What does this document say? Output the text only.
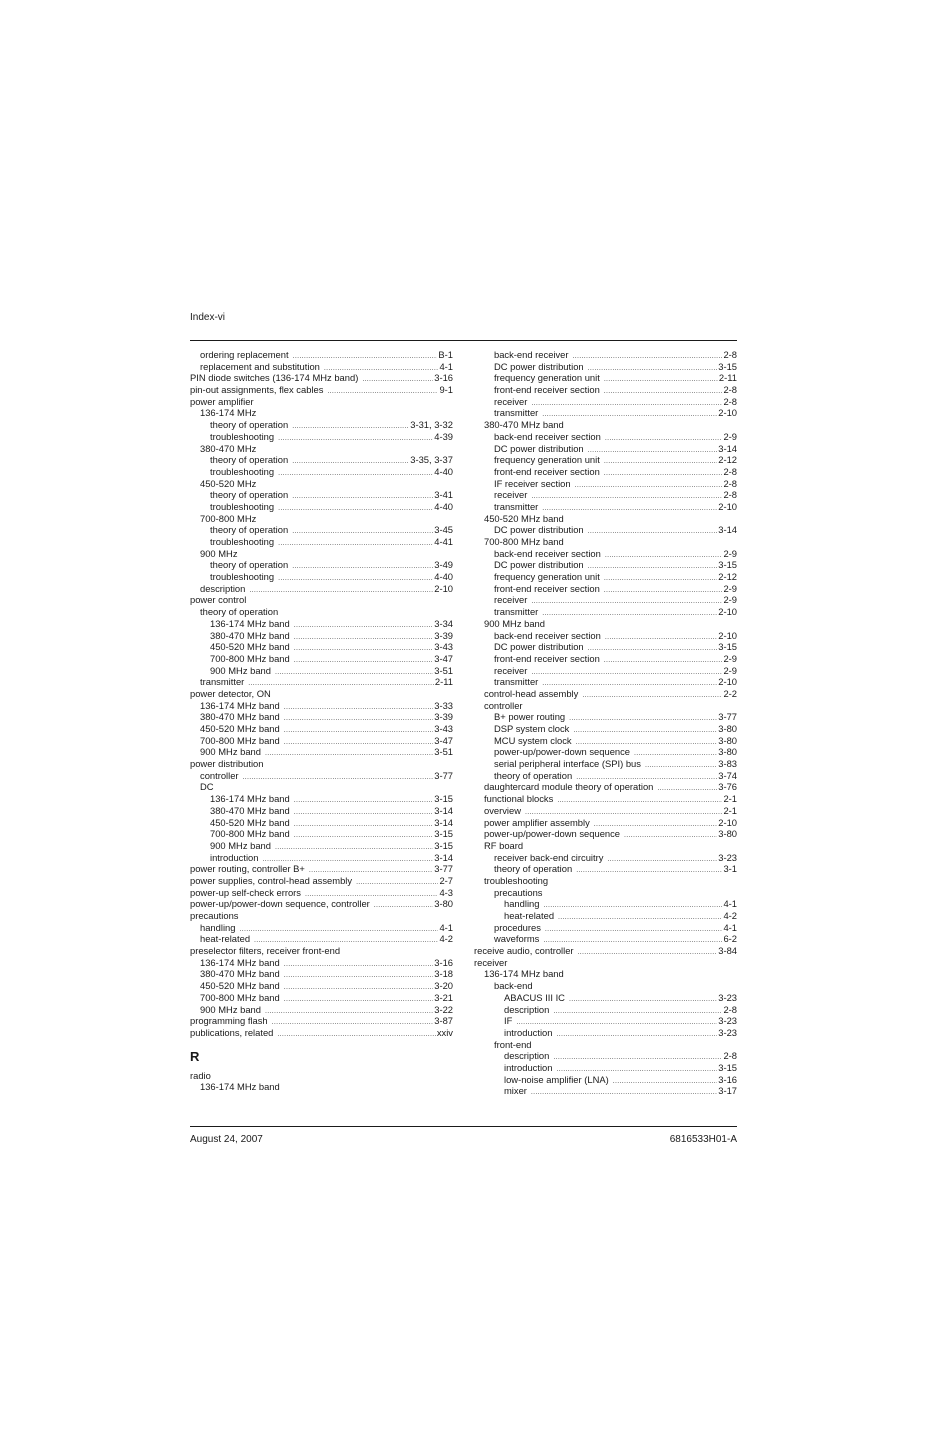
Index-vi
ordering replacement .....	B-1
replacement and substitution .....	4-1
PIN diode switches (136-174 MHz band) .....	3-16
pin-out assignments, flex cables .....	9-1
power amplifier
136-174 MHz
theory of operation .....	3-31, 3-32
troubleshooting .....	4-39
380-470 MHz
theory of operation .....	3-35, 3-37
troubleshooting .....	4-40
450-520 MHz
theory of operation .....	3-41
troubleshooting .....	4-40
700-800 MHz
theory of operation .....	3-45
troubleshooting .....	4-41
900 MHz
theory of operation .....	3-49
troubleshooting .....	4-40
description .....	2-10
power control
theory of operation
136-174 MHz band .....	3-34
380-470 MHz band .....	3-39
450-520 MHz band .....	3-43
700-800 MHz band .....	3-47
900 MHz band .....	3-51
transmitter .....	2-11
power detector, ON
136-174 MHz band .....	3-33
380-470 MHz band .....	3-39
450-520 MHz band .....	3-43
700-800 MHz band .....	3-47
900 MHz band .....	3-51
power distribution
controller .....	3-77
DC
136-174 MHz band .....	3-15
380-470 MHz band .....	3-14
450-520 MHz band .....	3-14
700-800 MHz band .....	3-15
900 MHz band .....	3-15
introduction .....	3-14
power routing, controller B+ .....	3-77
power supplies, control-head assembly .....	2-7
power-up self-check errors .....	4-3
power-up/power-down sequence, controller .....	3-80
precautions
handling .....	4-1
heat-related .....	4-2
preselector filters, receiver front-end
136-174 MHz band .....	3-16
380-470 MHz band .....	3-18
450-520 MHz band .....	3-20
700-800 MHz band .....	3-21
900 MHz band .....	3-22
programming flash .....	3-87
publications, related .....	xxiv
R
radio
136-174 MHz band
back-end receiver .....	2-8
DC power distribution .....	3-15
frequency generation unit .....	2-11
front-end receiver section .....	2-8
receiver .....	2-8
transmitter .....	2-10
380-470 MHz band
back-end receiver section .....	2-9
DC power distribution .....	3-14
frequency generation unit .....	2-12
front-end receiver section .....	2-8
IF receiver section .....	2-8
receiver .....	2-8
transmitter .....	2-10
450-520 MHz band
DC power distribution .....	3-14
700-800 MHz band
back-end receiver section .....	2-9
DC power distribution .....	3-15
frequency generation unit .....	2-12
front-end receiver section .....	2-9
receiver .....	2-9
transmitter .....	2-10
900 MHz band
back-end receiver section .....	2-10
DC power distribution .....	3-15
front-end receiver section .....	2-9
receiver .....	2-9
transmitter .....	2-10
control-head assembly .....	2-2
controller
B+ power routing .....	3-77
DSP system clock .....	3-80
MCU system clock .....	3-80
power-up/power-down sequence .....	3-80
serial peripheral interface (SPI) bus .....	3-83
theory of operation .....	3-74
daughtercard module theory of operation .....	3-76
functional blocks .....	2-1
overview .....	2-1
power amplifier assembly .....	2-10
power-up/power-down sequence .....	3-80
RF board
receiver back-end circuitry .....	3-23
theory of operation .....	3-1
troubleshooting
precautions
handling .....	4-1
heat-related .....	4-2
procedures .....	4-1
waveforms .....	6-2
receive audio, controller .....	3-84
receiver
136-174 MHz band
back-end
ABACUS III IC .....	3-23
description .....	2-8
IF .....	3-23
introduction .....	3-23
front-end
description .....	2-8
introduction .....	3-15
low-noise amplifier (LNA) .....	3-16
mixer .....	3-17
August 24, 2007	6816533H01-A
